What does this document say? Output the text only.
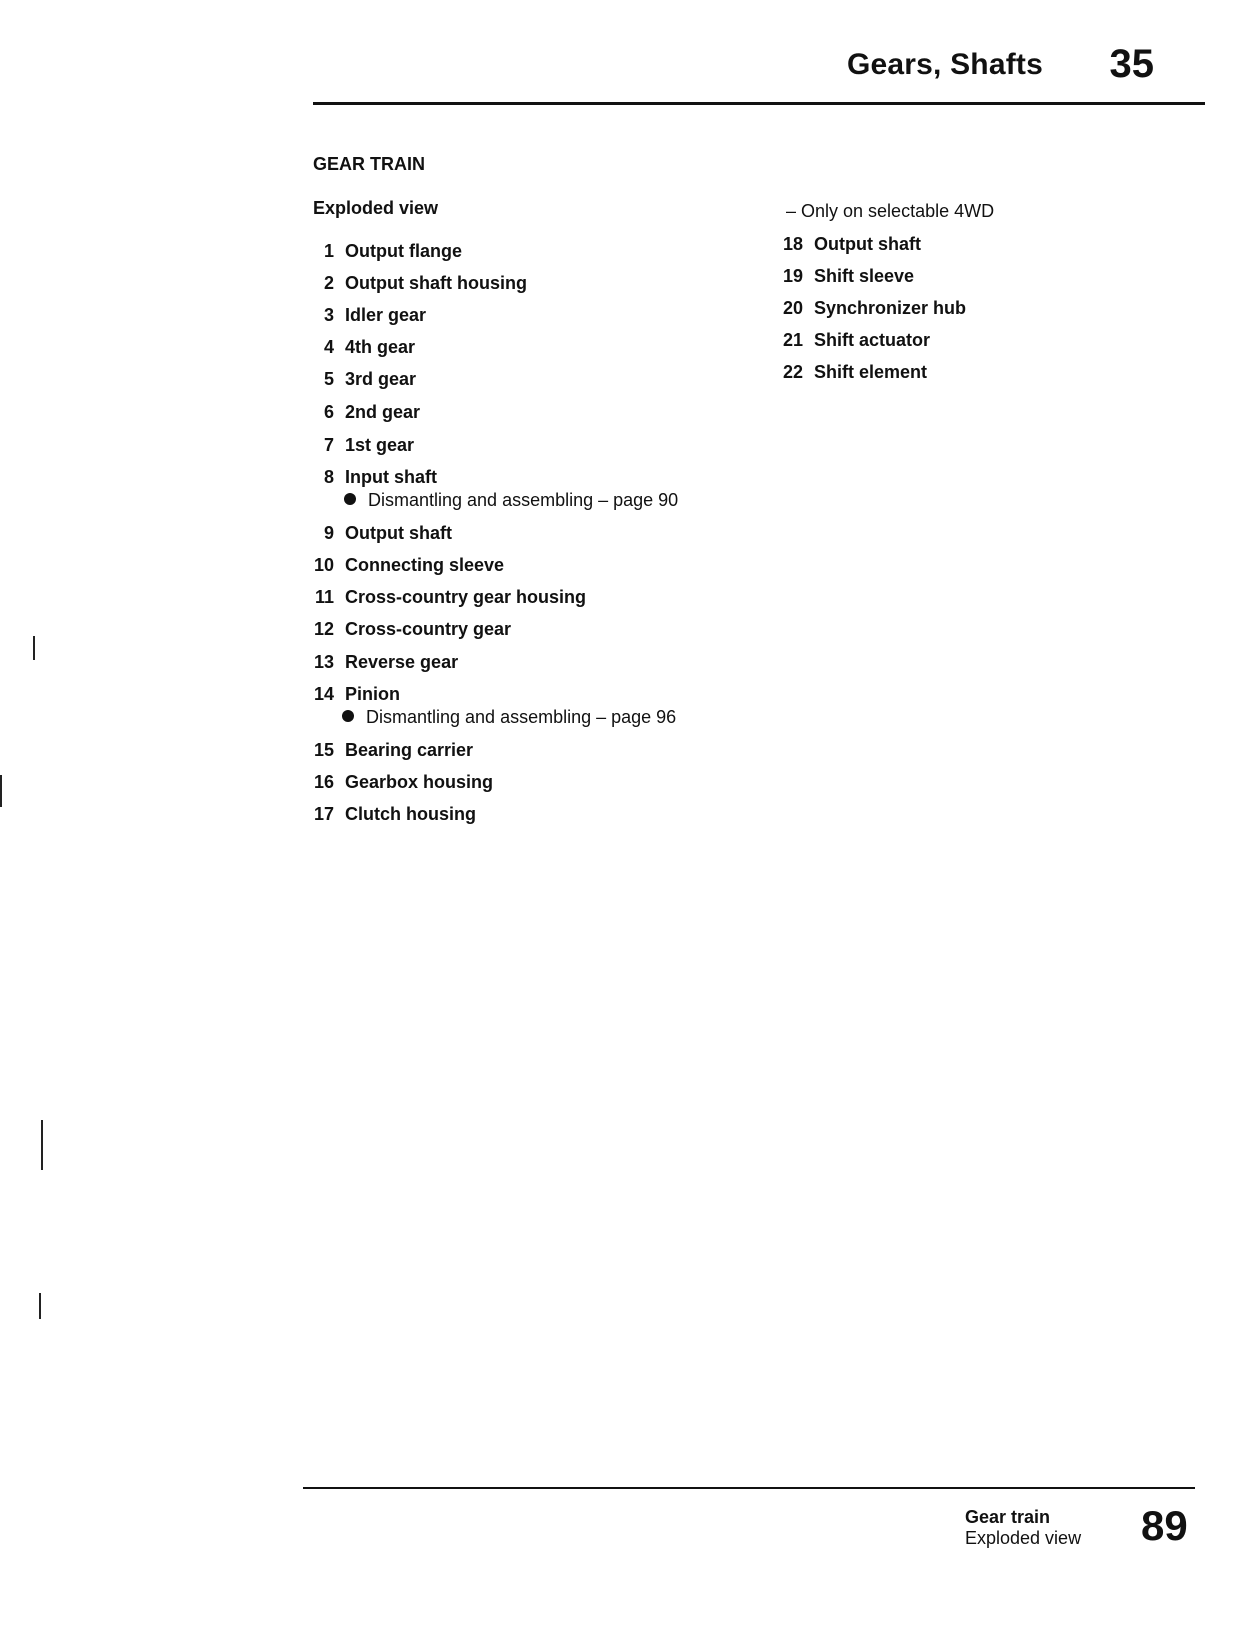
Gears, Shafts 35
GEAR TRAIN
Exploded view
1 Output flange
2 Output shaft housing
3 Idler gear
4 4th gear
5 3rd gear
6 2nd gear
7 1st gear
8 Input shaft
Dismantling and assembling – page 90
9 Output shaft
10 Connecting sleeve
11 Cross-country gear housing
12 Cross-country gear
13 Reverse gear
14 Pinion
Dismantling and assembling – page 96
15 Bearing carrier
16 Gearbox housing
17 Clutch housing
– Only on selectable 4WD
18 Output shaft
19 Shift sleeve
20 Synchronizer hub
21 Shift actuator
22 Shift element
Gear train
Exploded view 89
